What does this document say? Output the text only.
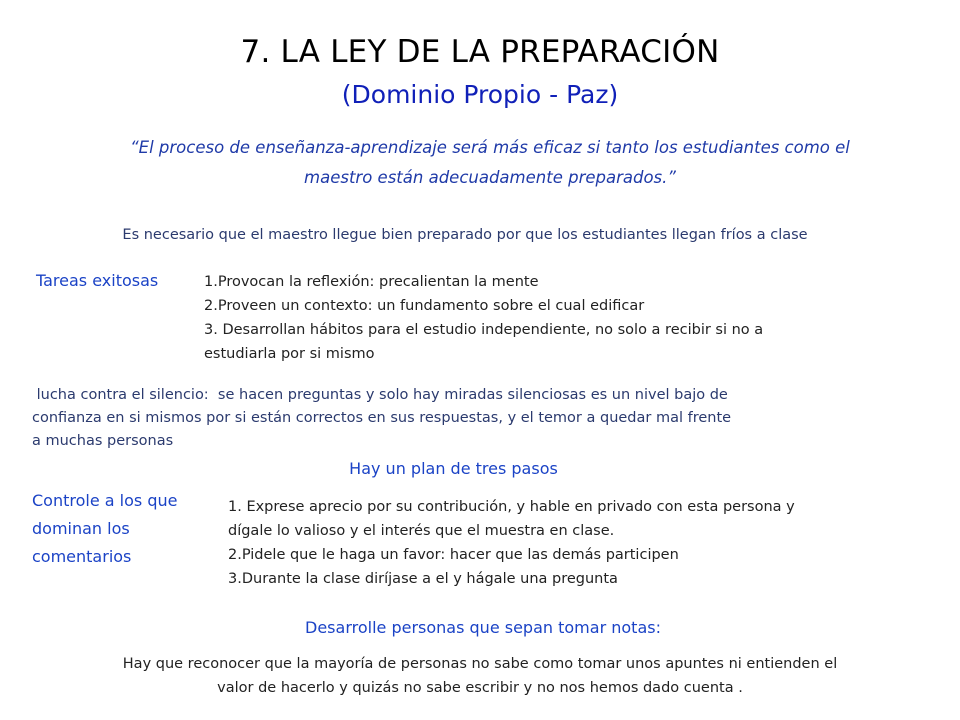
7. LA LEY DE LA PREPARACIÓN
(Dominio Propio - Paz)
“El proceso de enseñanza-aprendizaje será más eficaz si tanto los estudiantes como el
maestro están adecuadamente preparados.”
Es necesario que el maestro llegue bien preparado por que los estudiantes llegan fríos a clase
Tareas exitosas	1.Provocan la reflexión: precalientan la mente
2.Proveen un contexto: un fundamento sobre el cual edificar
3. Desarrollan hábitos para el estudio independiente, no solo a recibir si no a
estudiarla por si mismo
lucha contra el silencio:  se hacen preguntas y solo hay miradas silenciosas es un nivel bajo de
confianza en si mismos por si están correctos en sus respuestas, y el temor a quedar mal frente
a muchas personas
Hay un plan de tres pasos
Controle a los que
dominan los
comentarios
1. Exprese aprecio por su contribución, y hable en privado con esta persona y
dígale lo valioso y el interés que el muestra en clase.
2.Pidele que le haga un favor: hacer que las demás participen
3.Durante la clase diríjase a el y hágale una pregunta
Desarrolle personas que sepan tomar notas:
Hay que reconocer que la mayoría de personas no sabe como tomar unos apuntes ni entienden el
valor de hacerlo y quizás no sabe escribir y no nos hemos dado cuenta .
